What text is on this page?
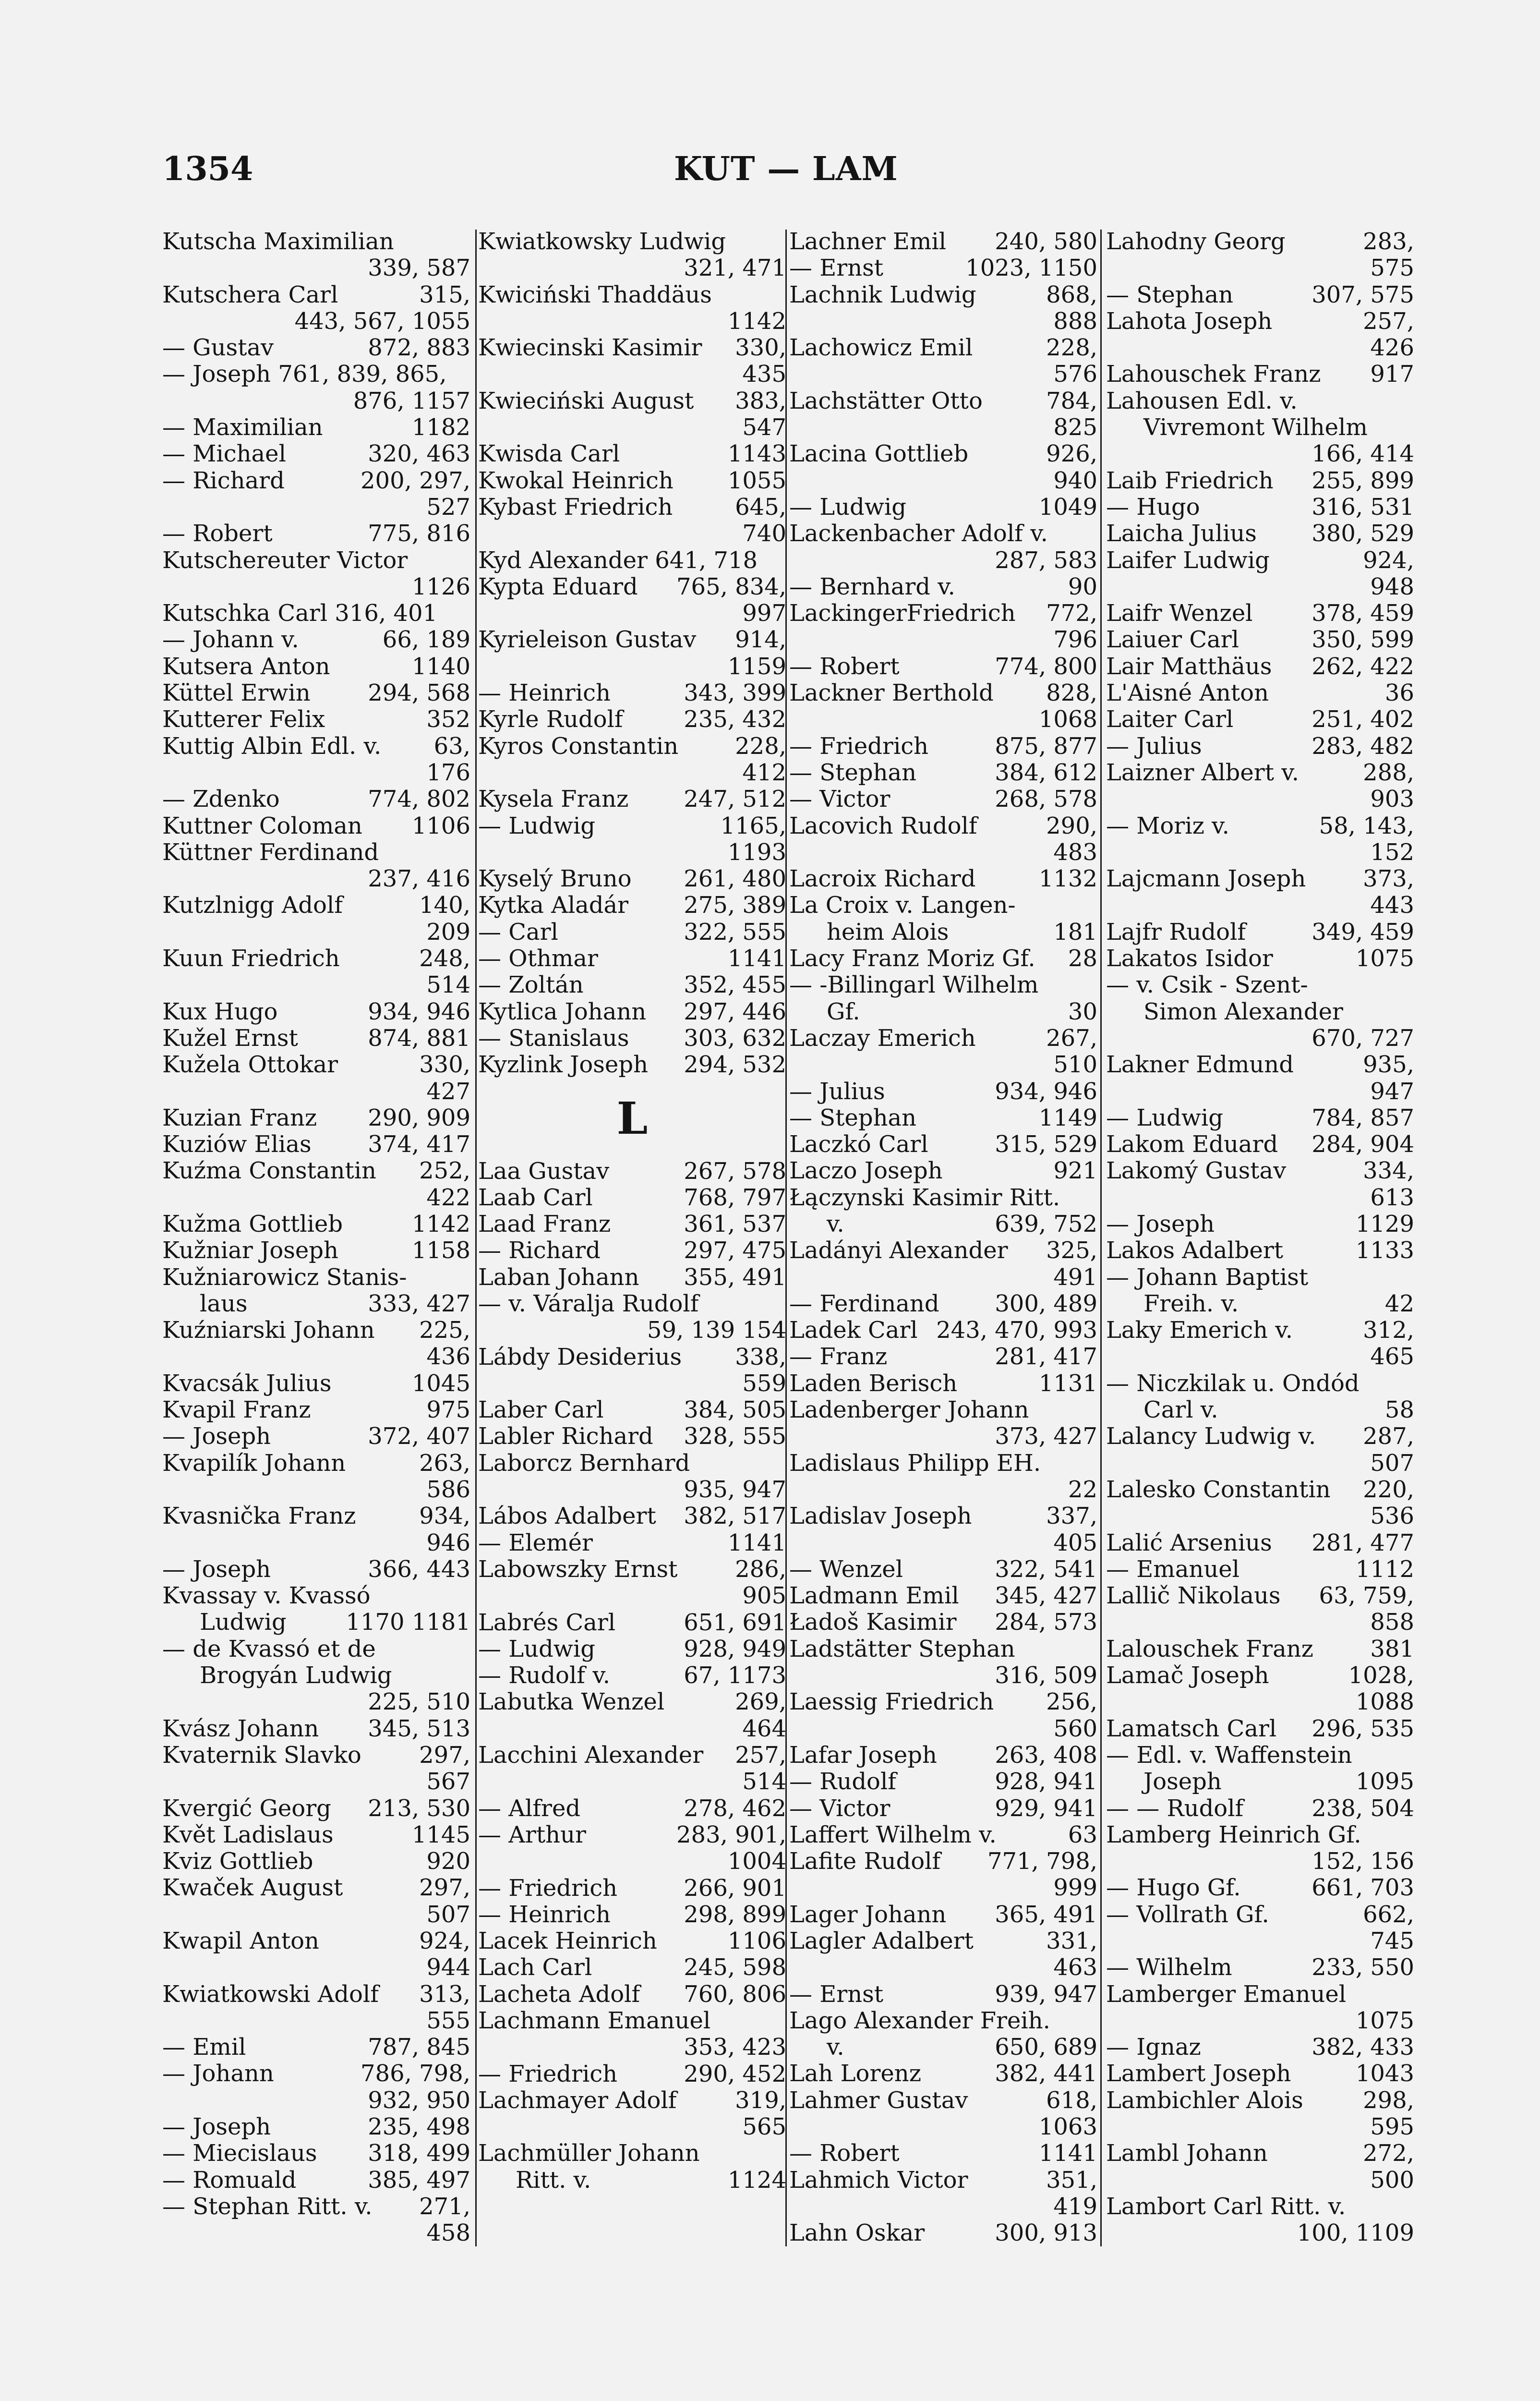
1354	KUT — LAM
Kutscha Maximilian
339, 587
Kutschera Carl	315,
443, 567, 1055
— Gustav	872, 883
— Joseph 761, 839, 865,
876, 1157
— Maximilian	1182
— Michael	320, 463
— Richard	200, 297,
527
— Robert	775, 816
Kutschereuter Victor
1126
Kutschka Carl 316, 401
— Johann v.	66, 189
Kutsera Anton	1140
Küttel Erwin 294, 568
Kutterer Felix	352
Kuttig Albin Edl. v. 63,
176
— Zdenko	774, 802
Kuttner Coloman 1106
Küttner Ferdinand
237, 416
Kutzlnigg Adolf	140,
209
Kuun Friedrich	248,
514
Kux Hugo	934, 946
Kužel Ernst	874, 881
Kužela Ottokar	330,
427
Kuzian Franz 290, 909
Kuziów Elias 374, 417
Kuźma Constantin 252,
422
Kužma Gottlieb	1142
Kužniar Joseph	1158
Kužniarowicz Stanis-
laus	333, 427
Kuźniarski Johann 225,
436
Kvacsák Julius	1045
Kvapil Franz	975
— Joseph	372, 407
Kvapilík Johann	263,
586
Kvasnička Franz	934,
946
— Joseph	366, 443
Kvassay v. Kvassó
Ludwig	1170 1181
— de Kvassó et de
Brogyán Ludwig
225, 510
Kvász Johann 345, 513
Kvaternik Slavko	297,
567
Kvergić Georg 213, 530
Květ Ladislaus	1145
Kviz Gottlieb	920
Kwaček August	297,
507
Kwapil Anton	924,
944
Kwiatkowski Adolf 313,
555
— Emil	787, 845
— Johann	786, 798,
932, 950
— Joseph	235, 498
— Miecislaus 318, 499
— Romuald	385, 497
— Stephan Ritt. v. 271,
458
Kwiatkowsky Ludwig
321, 471
Kwiciński Thaddäus
1142
Kwiecinski Kasimir 330,
435
Kwieciński August 383,
547
Kwisda Carl	1143
Kwokal Heinrich 1055
Kybast Friedrich	645,
740
Kyd Alexander 641, 718
Kypta Eduard 765, 834,
997
Kyrieleison Gustav 914,
1159
— Heinrich	343, 399
Kyrle Rudolf	235, 432
Kyros Constantin 228,
412
Kysela Franz 247, 512
— Ludwig	1165,
1193
Kyselý Bruno 261, 480
Kytka Aladár 275, 389
— Carl	322, 555
— Othmar	1141
— Zoltán	352, 455
Kytlica Johann 297, 446
— Stanislaus 303, 632
Kyzlink Joseph 294, 532
L
Laa Gustav	267, 578
Laab Carl	768, 797
Laad Franz	361, 537
— Richard	297, 475
Laban Johann 355, 491
— v. Váralja Rudolf
59, 139 154
Lábdy Desiderius 338,
559
Laber Carl	384, 505
Labler Richard 328, 555
Laborcz Bernhard
935, 947
Lábos Adalbert 382, 517
— Elemér	1141
Labowszky Ernst 286,
905
Labrés Carl	651, 691
— Ludwig	928, 949
— Rudolf v.	67, 1173
Labutka Wenzel	269,
464
Lacchini Alexander 257,
514
— Alfred	278, 462
— Arthur	283, 901,
1004
— Friedrich	266, 901
— Heinrich	298, 899
Lacek Heinrich	1106
Lach Carl	245, 598
Lacheta Adolf 760, 806
Lachmann Emanuel
353, 423
— Friedrich	290, 452
Lachmayer Adolf	319,
565
Lachmüller Johann
Ritt. v.	1124
Lachner Emil 240, 580
— Ernst	1023, 1150
Lachnik Ludwig	868,
888
Lachowicz Emil	228,
576
Lachstätter Otto	784,
825
Lacina Gottlieb	926,
940
— Ludwig	1049
Lackenbacher Adolf v.
287, 583
— Bernhard v.	90
LackingerFriedrich 772,
796
— Robert	774, 800
Lackner Berthold 828,
1068
— Friedrich	875, 877
— Stephan	384, 612
— Victor	268, 578
Lacovich Rudolf	290,
483
Lacroix Richard	1132
La Croix v. Langen-
heim Alois	181
Lacy Franz Moriz Gf. 28
— -Billingarl Wilhelm
Gf.	30
Laczay Emerich	267,
510
— Julius	934, 946
— Stephan	1149
Laczkó Carl	315, 529
Laczo Joseph	921
Łączynski Kasimir Ritt.
v.	639, 752
Ladányi Alexander 325,
491
— Ferdinand 300, 489
Ladek Carl 243, 470, 993
— Franz	281, 417
Laden Berisch	1131
Ladenberger Johann
373, 427
Ladislaus Philipp EH.
22
Ladislav Joseph	337,
405
— Wenzel	322, 541
Ladmann Emil 345, 427
Ładoš Kasimir 284, 573
Ladstätter Stephan
316, 509
Laessig Friedrich 256,
560
Lafar Joseph	263, 408
— Rudolf	928, 941
— Victor	929, 941
Laffert Wilhelm v.	63
Lafite Rudolf 771, 798,
999
Lager Johann 365, 491
Lagler Adalbert	331,
463
— Ernst	939, 947
Lago Alexander Freih.
v.	650, 689
Lah Lorenz	382, 441
Lahmer Gustav	618,
1063
— Robert	1141
Lahmich Victor	351,
419
Lahn Oskar	300, 913
Lahodny Georg	283,
575
— Stephan	307, 575
Lahota Joseph	257,
426
Lahouschek Franz 917
Lahousen Edl. v.
Vivremont Wilhelm
166, 414
Laib Friedrich 255, 899
— Hugo	316, 531
Laicha Julius 380, 529
Laifer Ludwig	924,
948
Laifr Wenzel	378, 459
Laiuer Carl	350, 599
Lair Matthäus 262, 422
L'Aisné Anton	36
Laiter Carl	251, 402
— Julius	283, 482
Laizner Albert v.	288,
903
— Moriz v.	58, 143,
152
Lajcmann Joseph 373,
443
Lajfr Rudolf	349, 459
Lakatos Isidor	1075
— v. Csik - Szent-
Simon Alexander
670, 727
Lakner Edmund	935,
947
— Ludwig	784, 857
Lakom Eduard 284, 904
Lakomý Gustav	334,
613
— Joseph	1129
Lakos Adalbert	1133
— Johann Baptist
Freih. v.	42
Laky Emerich v.	312,
465
— Niczkilak u. Ondód
Carl v.	58
Lalancy Ludwig v. 287,
507
Lalesko Constantin 220,
536
Lalić Arsenius 281, 477
— Emanuel	1112
Lallič Nikolaus 63, 759,
858
Lalouschek Franz 381
Lamač Joseph	1028,
1088
Lamatsch Carl 296, 535
— Edl. v. Waffenstein
Joseph	1095
— — Rudolf	238, 504
Lamberg Heinrich Gf.
152, 156
— Hugo Gf.	661, 703
— Vollrath Gf.	662,
745
— Wilhelm	233, 550
Lamberger Emanuel
1075
— Ignaz	382, 433
Lambert Joseph	1043
Lambichler Alois	298,
595
Lambl Johann	272,
500
Lambort Carl Ritt. v.
100, 1109
